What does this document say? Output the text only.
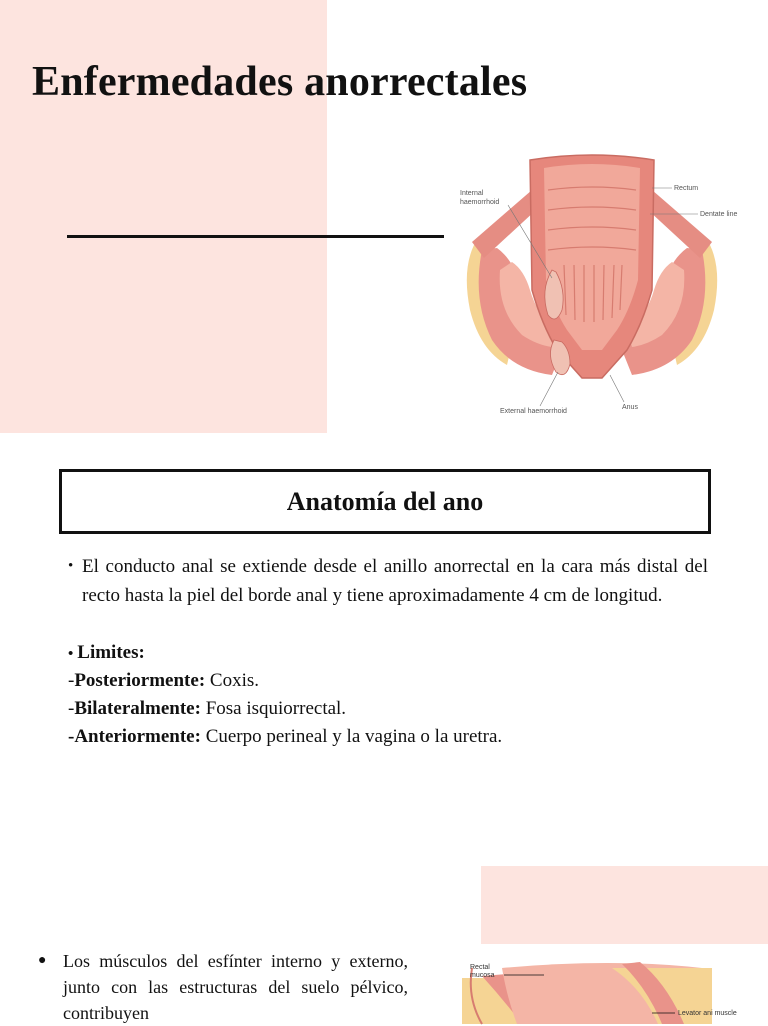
Enfermedades anorrectales
Internal
haemorrhoid
Rectum
Dentate line
External haemorrhoid
Anus
Anatomía del ano
• El conducto anal se extiende desde el anillo anorrectal en la cara más distal del recto hasta la piel del borde anal y tiene aproximadamente 4 cm de longitud.
• Limites:
-Posteriormente: Coxis.
-Bilateralmente: Fosa isquiorrectal.
-Anteriormente: Cuerpo perineal y la vagina o la uretra.
● Los músculos del esfínter interno y externo, junto con las estructuras del suelo pélvico, contribuyen
Rectal
mucosa
Levator ani muscle
